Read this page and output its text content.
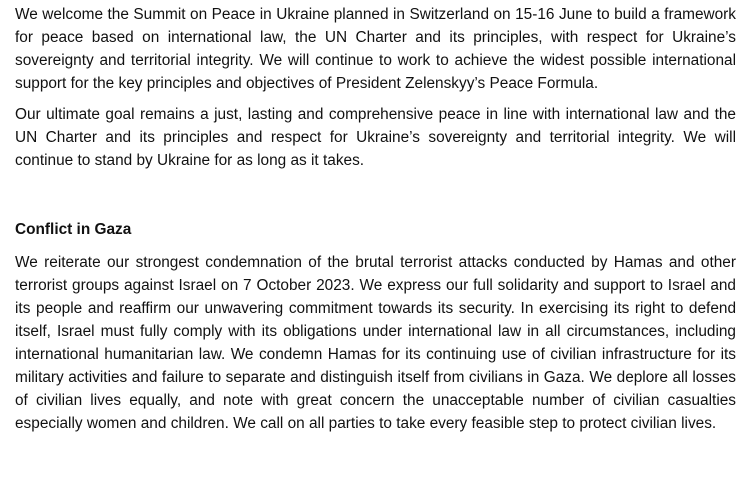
We welcome the Summit on Peace in Ukraine planned in Switzerland on 15-16 June to build a framework for peace based on international law, the UN Charter and its principles, with respect for Ukraine’s sovereignty and territorial integrity. We will continue to work to achieve the widest possible international support for the key principles and objectives of President Zelenskyy’s Peace Formula.

Our ultimate goal remains a just, lasting and comprehensive peace in line with international law and the UN Charter and its principles and respect for Ukraine’s sovereignty and territorial integrity. We will continue to stand by Ukraine for as long as it takes.

Conflict in Gaza

We reiterate our strongest condemnation of the brutal terrorist attacks conducted by Hamas and other terrorist groups against Israel on 7 October 2023. We express our full solidarity and support to Israel and its people and reaffirm our unwavering commitment towards its security. In exercising its right to defend itself, Israel must fully comply with its obligations under international law in all circumstances, including international humanitarian law. We condemn Hamas for its continuing use of civilian infrastructure for its military activities and failure to separate and distinguish itself from civilians in Gaza. We deplore all losses of civilian lives equally, and note with great concern the unacceptable number of civilian casualties especially women and children. We call on all parties to take every feasible step to protect civilian lives.
